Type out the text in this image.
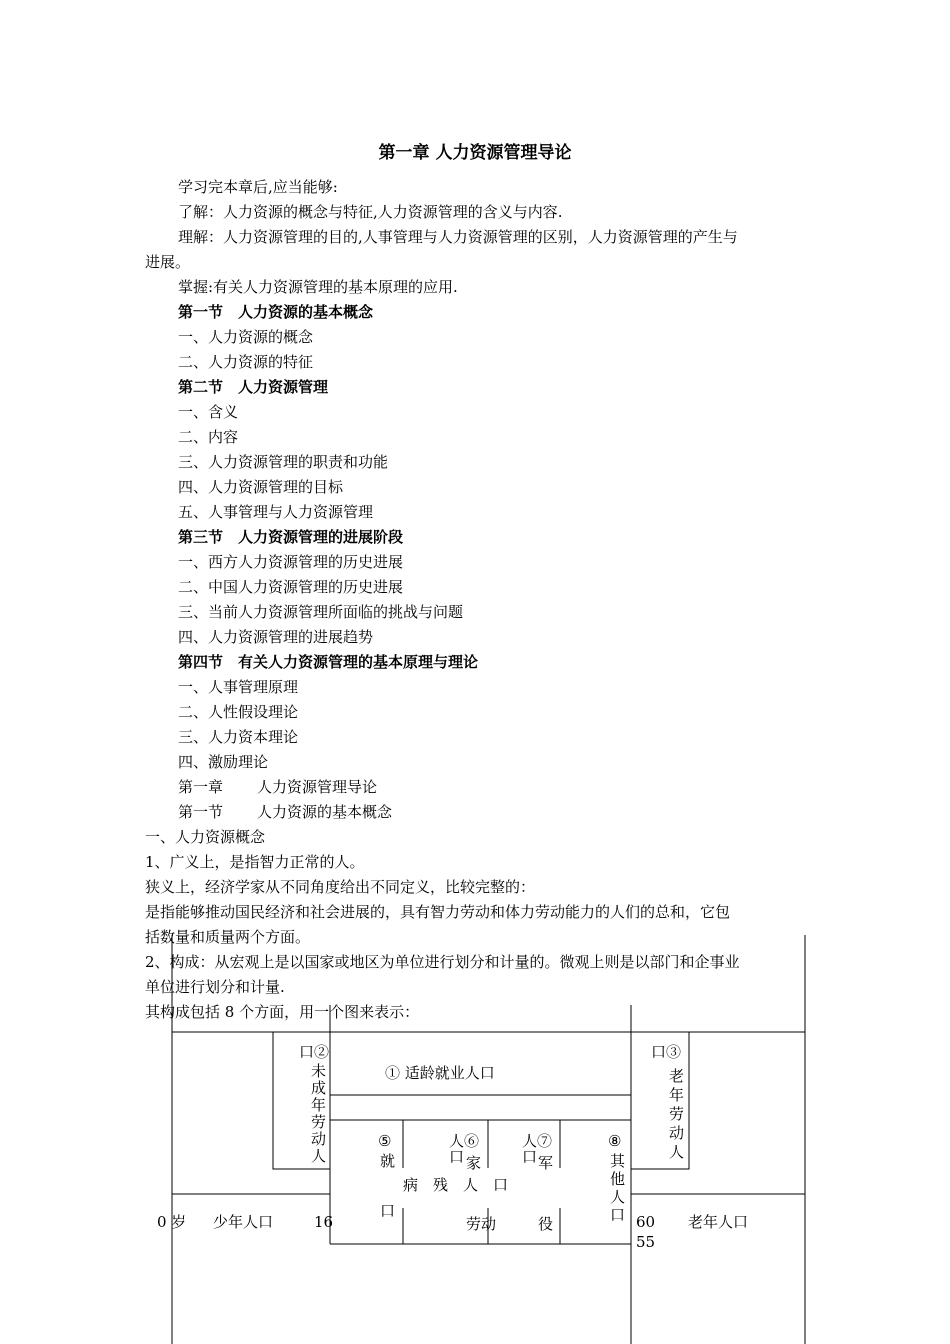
第一章 人力资源管理导论
学习完本章后,应当能够:
了解：人力资源的概念与特征,人力资源管理的含义与内容.
理解：人力资源管理的目的,人事管理与人力资源管理的区别，人力资源管理的产生与
进展。
掌握:有关人力资源管理的基本原理的应用.
第一节　人力资源的基本概念
一、人力资源的概念
二、人力资源的特征
第二节　人力资源管理
一、含义
二、内容
三、人力资源管理的职责和功能
四、人力资源管理的目标
五、人事管理与人力资源管理
第三节　人力资源管理的进展阶段
一、西方人力资源管理的历史进展
二、中国人力资源管理的历史进展
三、当前人力资源管理所面临的挑战与问题
四、人力资源管理的进展趋势
第四节　有关人力资源管理的基本原理与理论
一、人事管理原理
二、人性假设理论
三、人力资本理论
四、激励理论
第一章 人力资源管理导论
第一节 人力资源的基本概念
一、人力资源概念
1、广义上，是指智力正常的人。
狭义上，经济学家从不同角度给出不同定义，比较完整的：
是指能够推动国民经济和社会进展的，具有智力劳动和体力劳动能力的人们的总和，它包
括数量和质量两个方面。
2、构成：从宏观上是以国家或地区为单位进行划分和计量的。微观上则是以部门和企事业
单位进行划分和计量.
其构成包括 8 个方面，用一个图来表示：
① 适龄就业人口
口②
未
成
年
劳
动
人
口③
老
年
劳
动
人
⑤
就
口
人⑥
口 家
劳动
人⑦
口 军
役
⑧
其
他
人
口
病　残　人　口
0 岁 少年人口	16	60
55
老年人口
